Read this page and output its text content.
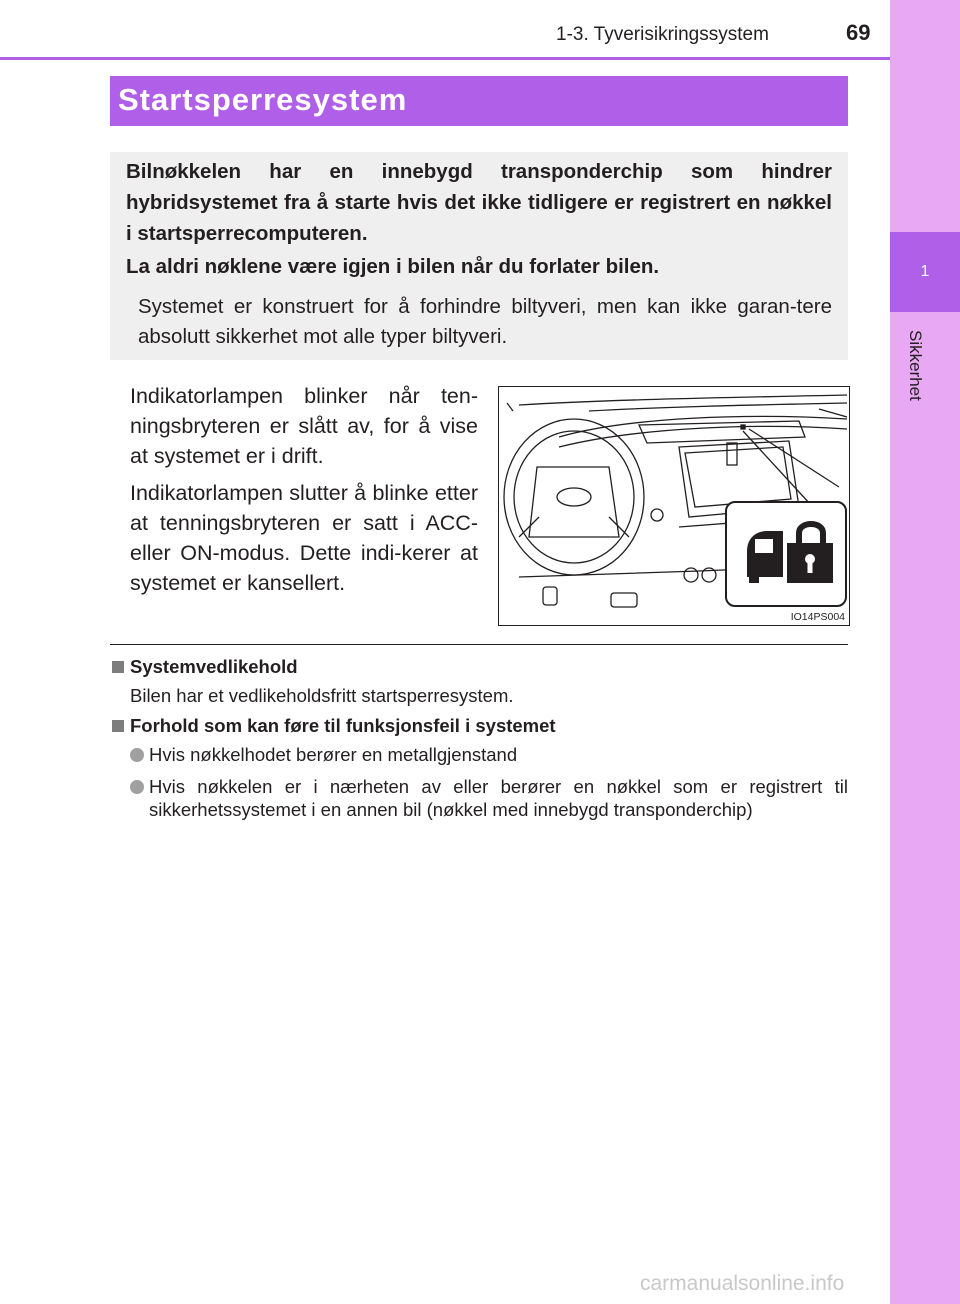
1-3. Tyverisikringssystem	69
1
Sikkerhet
Startsperresystem
Bilnøkkelen har en innebygd transponderchip som hindrer hybridsystemet fra å starte hvis det ikke tidligere er registrert en nøkkel i startsperrecomputeren.
La aldri nøklene være igjen i bilen når du forlater bilen.
Systemet er konstruert for å forhindre biltyveri, men kan ikke garan-tere absolutt sikkerhet mot alle typer biltyveri.

Indikatorlampen blinker når ten-ningsbryteren er slått av, for å vise at systemet er i drift.

Indikatorlampen slutter å blinke etter at tenningsbryteren er satt i ACC- eller ON-modus. Dette indi-kerer at systemet er kansellert.

IO14PS004
Systemvedlikehold
Bilen har et vedlikeholdsfritt startsperresystem.
Forhold som kan føre til funksjonsfeil i systemet
Hvis nøkkelhodet berører en metallgjenstand
Hvis nøkkelen er i nærheten av eller berører en nøkkel som er registrert til sikkerhetssystemet i en annen bil (nøkkel med innebygd transponderchip)
carmanualsonline.info
